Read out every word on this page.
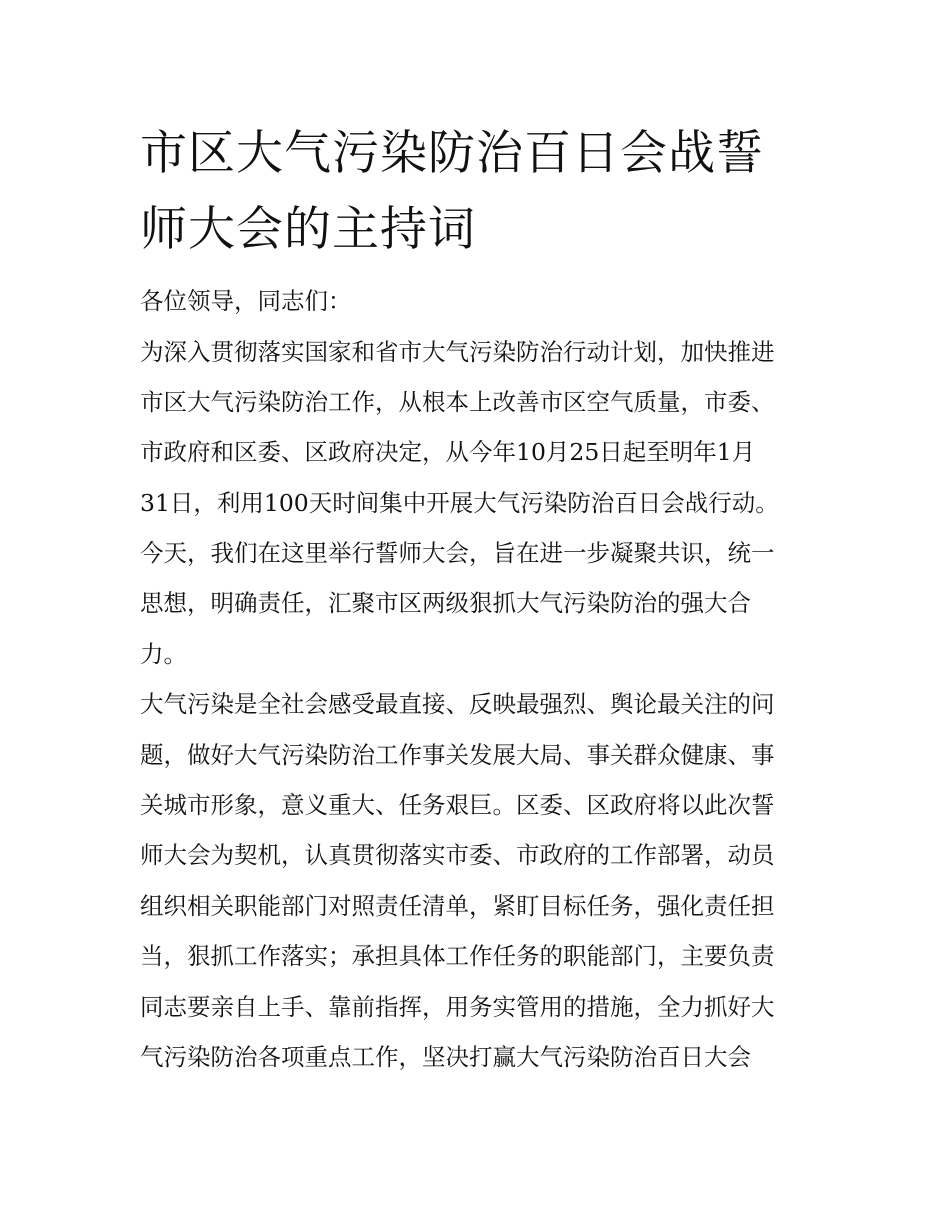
市区大气污染防治百日会战誓
师大会的主持词

各位领导，同志们：

为深入贯彻落实国家和省市大气污染防治行动计划，加快推进

市区大气污染防治工作，从根本上改善市区空气质量，市委、

市政府和区委、区政府决定，从今年10月25日起至明年1月

31日，利用100天时间集中开展大气污染防治百日会战行动。

今天，我们在这里举行誓师大会，旨在进一步凝聚共识，统一

思想，明确责任，汇聚市区两级狠抓大气污染防治的强大合

力。

大气污染是全社会感受最直接、反映最强烈、舆论最关注的问

题，做好大气污染防治工作事关发展大局、事关群众健康、事

关城市形象，意义重大、任务艰巨。区委、区政府将以此次誓

师大会为契机，认真贯彻落实市委、市政府的工作部署，动员

组织相关职能部门对照责任清单，紧盯目标任务，强化责任担

当，狠抓工作落实；承担具体工作任务的职能部门，主要负责

同志要亲自上手、靠前指挥，用务实管用的措施，全力抓好大

气污染防治各项重点工作，坚决打赢大气污染防治百日大会
